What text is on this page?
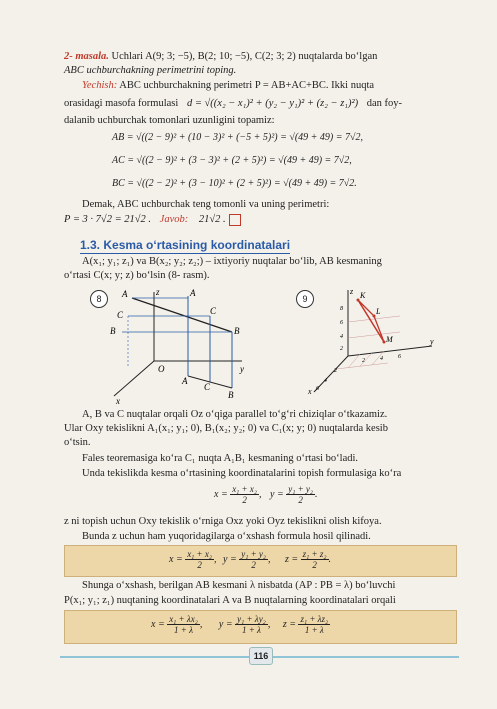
2- masala. Uchlari A(9; 3; −5), B(2; 10; −5), C(2; 3; 2) nuqtalarda bo‘lgan
ABC uchburchakning perimetrini toping.
Yechish: ABC uchburchakning perimetri P = AB+AC+BC. Ikki nuqta
orasidagi masofa formulasi d = √((x₂ − x₁)² + (y₂ − y₁)² + (z₂ − z₁)²) dan foy-
dalanib uchburchak tomonlari uzunligini topamiz:
AB = √((2 − 9)² + (10 − 3)² + (−5 + 5)²) = √(49 + 49) = 7√2,
AC = √((2 − 9)² + (3 − 3)² + (2 + 5)²) = √(49 + 49) = 7√2,
BC = √((2 − 2)² + (3 − 10)² + (2 + 5)²) = √(49 + 49) = 7√2.
Demak, ABC uchburchak teng tomonli va uning perimetri:
P = 3 · 7√2 = 21√2 . Javob: 21√2 .
1.3. Kesma o‘rtasining koordinatalari
A(x₁; y₁; z₁) va B(x₂; y₂; z₂;) – ixtiyoriy nuqtalar bo‘lib, AB kesmaning
o‘rtasi C(x; y; z) bo‘lsin (8- rasm).
8
z
y
x
O
A	A
C	C
B	B
A
C
B
9
z
y
x
K
L
M
8
6
4
2
2	4	6
2
4
6
A, B va C nuqtalar orqali Oz o‘qiga parallel to‘g‘ri chiziqlar o‘tkazamiz.
Ular Oxy tekislikni A₁(x₁; y₁; 0), B₁(x₂; y₂; 0) va C₁(x; y; 0) nuqtalarda kesib
o‘tsin.
Fales teoremasiga ko‘ra C₁ nuqta A₁B₁ kesmaning o‘rtasi bo‘ladi.
Unda tekislikda kesma o‘rtasining koordinatalarini topish formulasiga ko‘ra
$x = \frac{\text{x₁ + x₂}}{2}$ , $y = \frac{\text{y₁ + y₂}}{2}$ .
z ni topish uchun Oxy tekislik o‘rniga Oxz yoki Oyz tekislikni olish kifoya.
Bunda z uchun ham yuqoridagilarga o‘xshash formula hosil qilinadi.
$x = \frac{\text{x₁ + x₂}}{2}$ , $y = \frac{\text{y₁ + y₂}}{2}$ , $z = \frac{\text{z₁ + z₂}}{2}$ .
Shunga o‘xshash, berilgan AB kesmani λ nisbatda (AP : PB = λ) bo‘luvchi
P(x₁; y₁; z₁) nuqtaning koordinatalari A va B nuqtalarning koordinatalari orqali
$x = \frac{\text{x₁ + λx₂}}{1 + \lambda}$ , $y = \frac{\text{y₁ + λy₂}}{1 + \lambda}$ , $z = \frac{\text{z₁ + λz₂}}{1 + \lambda}$
116
